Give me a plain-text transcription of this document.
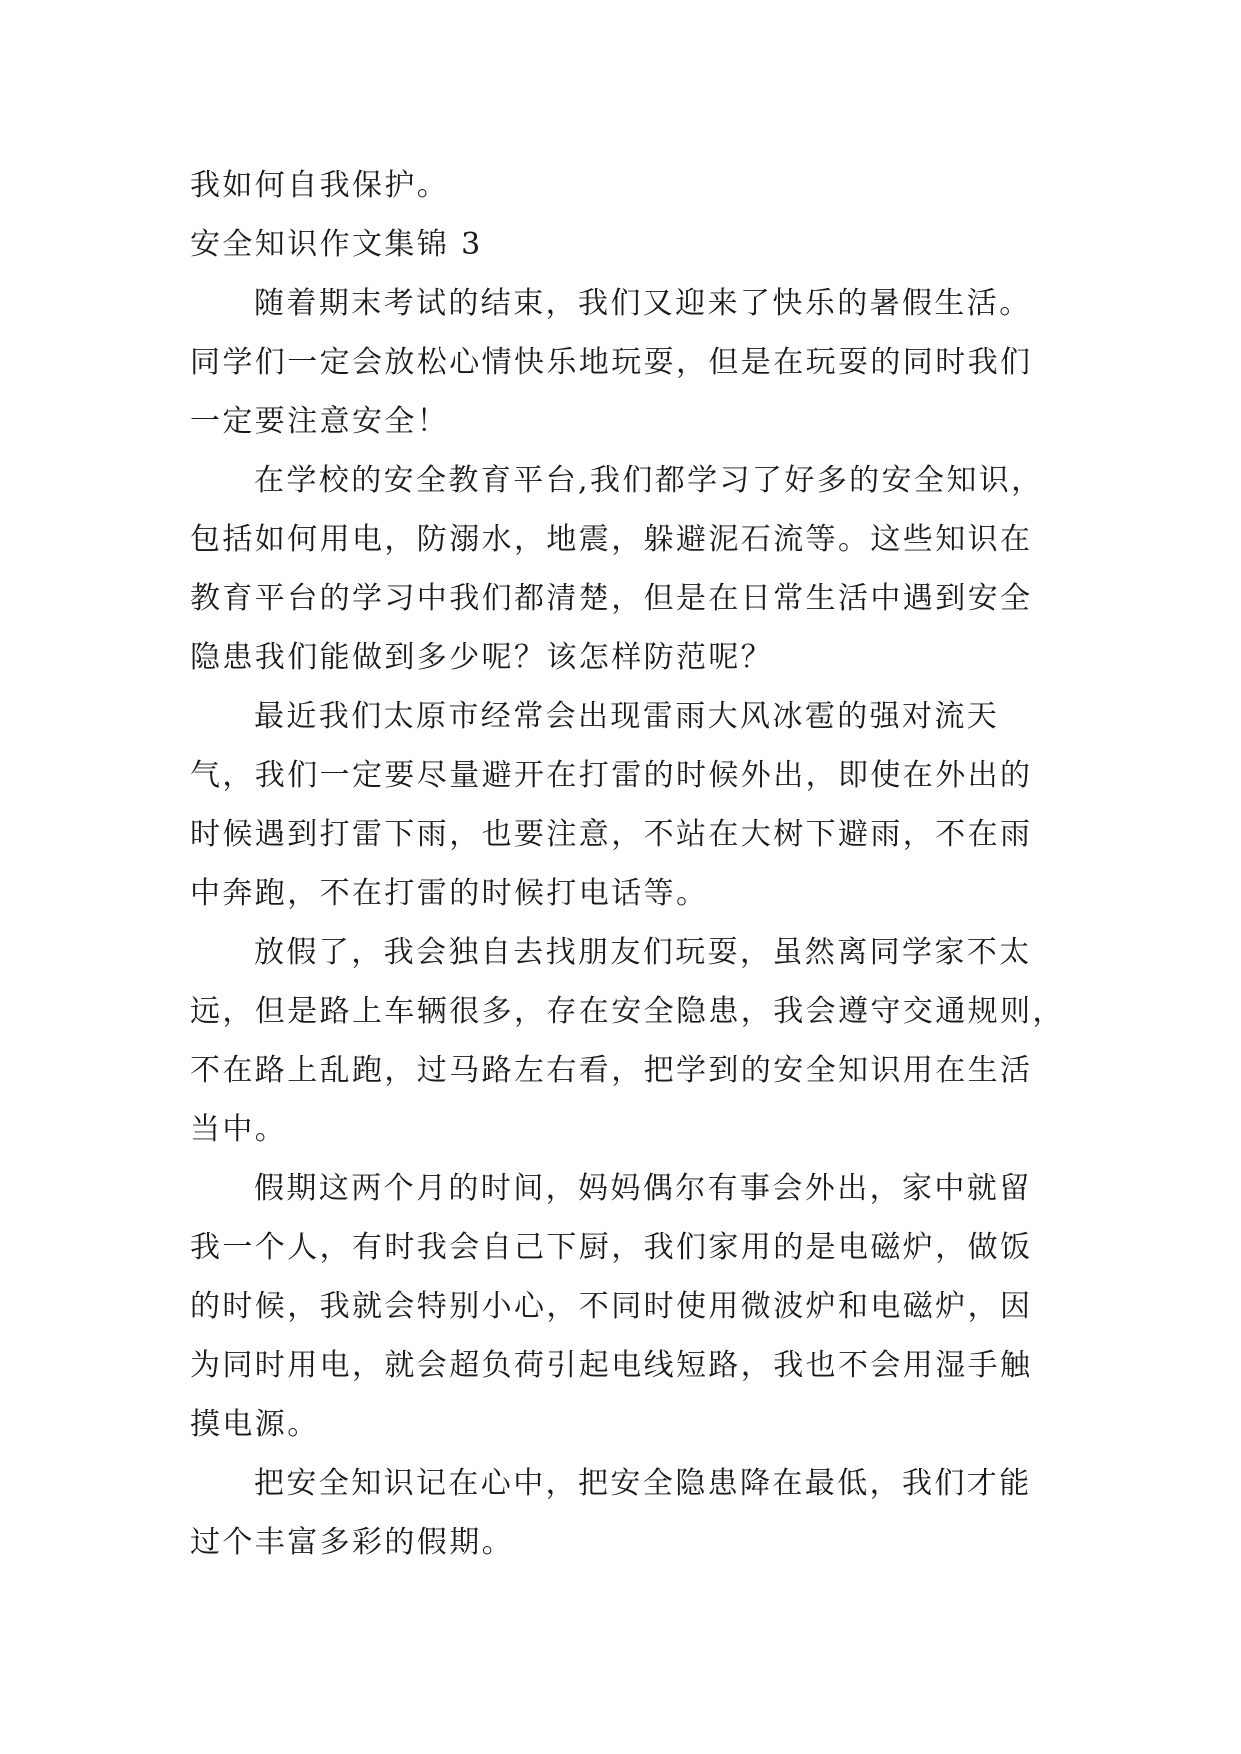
我如何自我保护。
安全知识作文集锦 3
随着期末考试的结束，我们又迎来了快乐的暑假生活。
同学们一定会放松心情快乐地玩耍，但是在玩耍的同时我们
一定要注意安全！
在学校的安全教育平台,我们都学习了好多的安全知识，
包括如何用电，防溺水，地震，躲避泥石流等。这些知识在
教育平台的学习中我们都清楚，但是在日常生活中遇到安全
隐患我们能做到多少呢？该怎样防范呢？
最近我们太原市经常会出现雷雨大风冰雹的强对流天
气，我们一定要尽量避开在打雷的时候外出，即使在外出的
时候遇到打雷下雨，也要注意，不站在大树下避雨，不在雨
中奔跑，不在打雷的时候打电话等。
放假了，我会独自去找朋友们玩耍，虽然离同学家不太
远，但是路上车辆很多，存在安全隐患，我会遵守交通规则，
不在路上乱跑，过马路左右看，把学到的安全知识用在生活
当中。
假期这两个月的时间，妈妈偶尔有事会外出，家中就留
我一个人，有时我会自己下厨，我们家用的是电磁炉，做饭
的时候，我就会特别小心，不同时使用微波炉和电磁炉，因
为同时用电，就会超负荷引起电线短路，我也不会用湿手触
摸电源。
把安全知识记在心中，把安全隐患降在最低，我们才能
过个丰富多彩的假期。
